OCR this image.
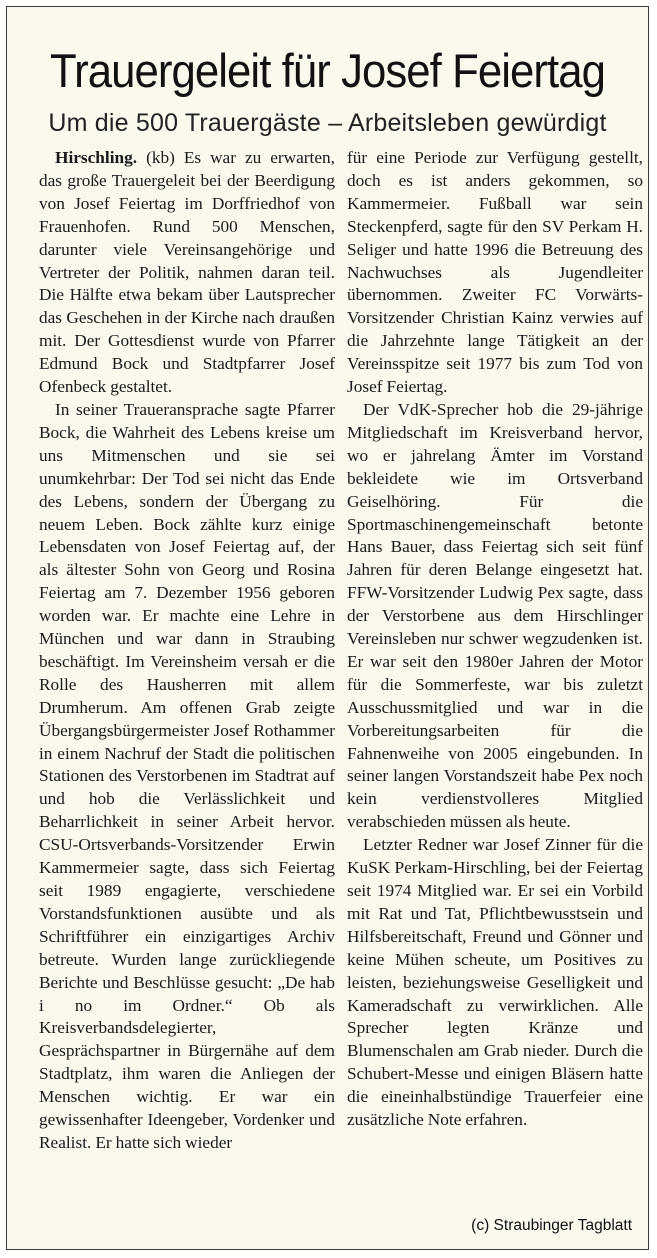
Trauergeleit für Josef Feiertag
Um die 500 Trauergäste – Arbeitsleben gewürdigt

Hirschling. (kb) Es war zu erwarten, das große Trauergeleit bei der Beerdigung von Josef Feiertag im Dorffriedhof von Frauenhofen. Rund 500 Menschen, darunter viele Vereinsangehörige und Vertreter der Politik, nahmen daran teil. Die Hälfte etwa bekam über Lautsprecher das Geschehen in der Kirche nach draußen mit. Der Gottesdienst wurde von Pfarrer Edmund Bock und Stadtpfarrer Josef Ofenbeck gestaltet.

In seiner Traueransprache sagte Pfarrer Bock, die Wahrheit des Lebens kreise um uns Mitmenschen und sie sei unumkehrbar: Der Tod sei nicht das Ende des Lebens, sondern der Übergang zu neuem Leben. Bock zählte kurz einige Lebensdaten von Josef Feiertag auf, der als ältester Sohn von Georg und Rosina Feiertag am 7. Dezember 1956 geboren worden war. Er machte eine Lehre in München und war dann in Straubing beschäftigt. Im Vereinsheim versah er die Rolle des Hausherren mit allem Drumherum. Am offenen Grab zeigte Übergangsbürgermeister Josef Rothammer in einem Nachruf der Stadt die politischen Stationen des Verstorbenen im Stadtrat auf und hob die Verlässlichkeit und Beharrlichkeit in seiner Arbeit hervor. CSU-Ortsverbands-Vorsitzender Erwin Kammermeier sagte, dass sich Feiertag seit 1989 engagierte, verschiedene Vorstandsfunktionen ausübte und als Schriftführer ein einzigartiges Archiv betreute. Wurden lange zurückliegende Berichte und Beschlüsse gesucht: „De hab i no im Ordner.“ Ob als Kreisverbandsdelegierter, Gesprächspartner in Bürgernähe auf dem Stadtplatz, ihm waren die Anliegen der Menschen wichtig. Er war ein gewissenhafter Ideengeber, Vordenker und Realist. Er hatte sich wieder

für eine Periode zur Verfügung gestellt, doch es ist anders gekommen, so Kammermeier. Fußball war sein Steckenpferd, sagte für den SV Perkam H. Seliger und hatte 1996 die Betreuung des Nachwuchses als Jugendleiter übernommen. Zweiter FC Vorwärts-Vorsitzender Christian Kainz verwies auf die Jahrzehnte lange Tätigkeit an der Vereinsspitze seit 1977 bis zum Tod von Josef Feiertag.

Der VdK-Sprecher hob die 29-jährige Mitgliedschaft im Kreisverband hervor, wo er jahrelang Ämter im Vorstand bekleidete wie im Ortsverband Geiselhöring. Für die Sportmaschinengemeinschaft betonte Hans Bauer, dass Feiertag sich seit fünf Jahren für deren Belange eingesetzt hat. FFW-Vorsitzender Ludwig Pex sagte, dass der Verstorbene aus dem Hirschlinger Vereinsleben nur schwer wegzudenken ist. Er war seit den 1980er Jahren der Motor für die Sommerfeste, war bis zuletzt Ausschussmitglied und war in die Vorbereitungsarbeiten für die Fahnenweihe von 2005 eingebunden. In seiner langen Vorstandszeit habe Pex noch kein verdienstvolleres Mitglied verabschieden müssen als heute.

Letzter Redner war Josef Zinner für die KuSK Perkam-Hirschling, bei der Feiertag seit 1974 Mitglied war. Er sei ein Vorbild mit Rat und Tat, Pflichtbewusstsein und Hilfsbereitschaft, Freund und Gönner und keine Mühen scheute, um Positives zu leisten, beziehungsweise Geselligkeit und Kameradschaft zu verwirklichen. Alle Sprecher legten Kränze und Blumenschalen am Grab nieder. Durch die Schubert-Messe und einigen Bläsern hatte die eineinhalbstündige Trauerfeier eine zusätzliche Note erfahren.

(c) Straubinger Tagblatt
